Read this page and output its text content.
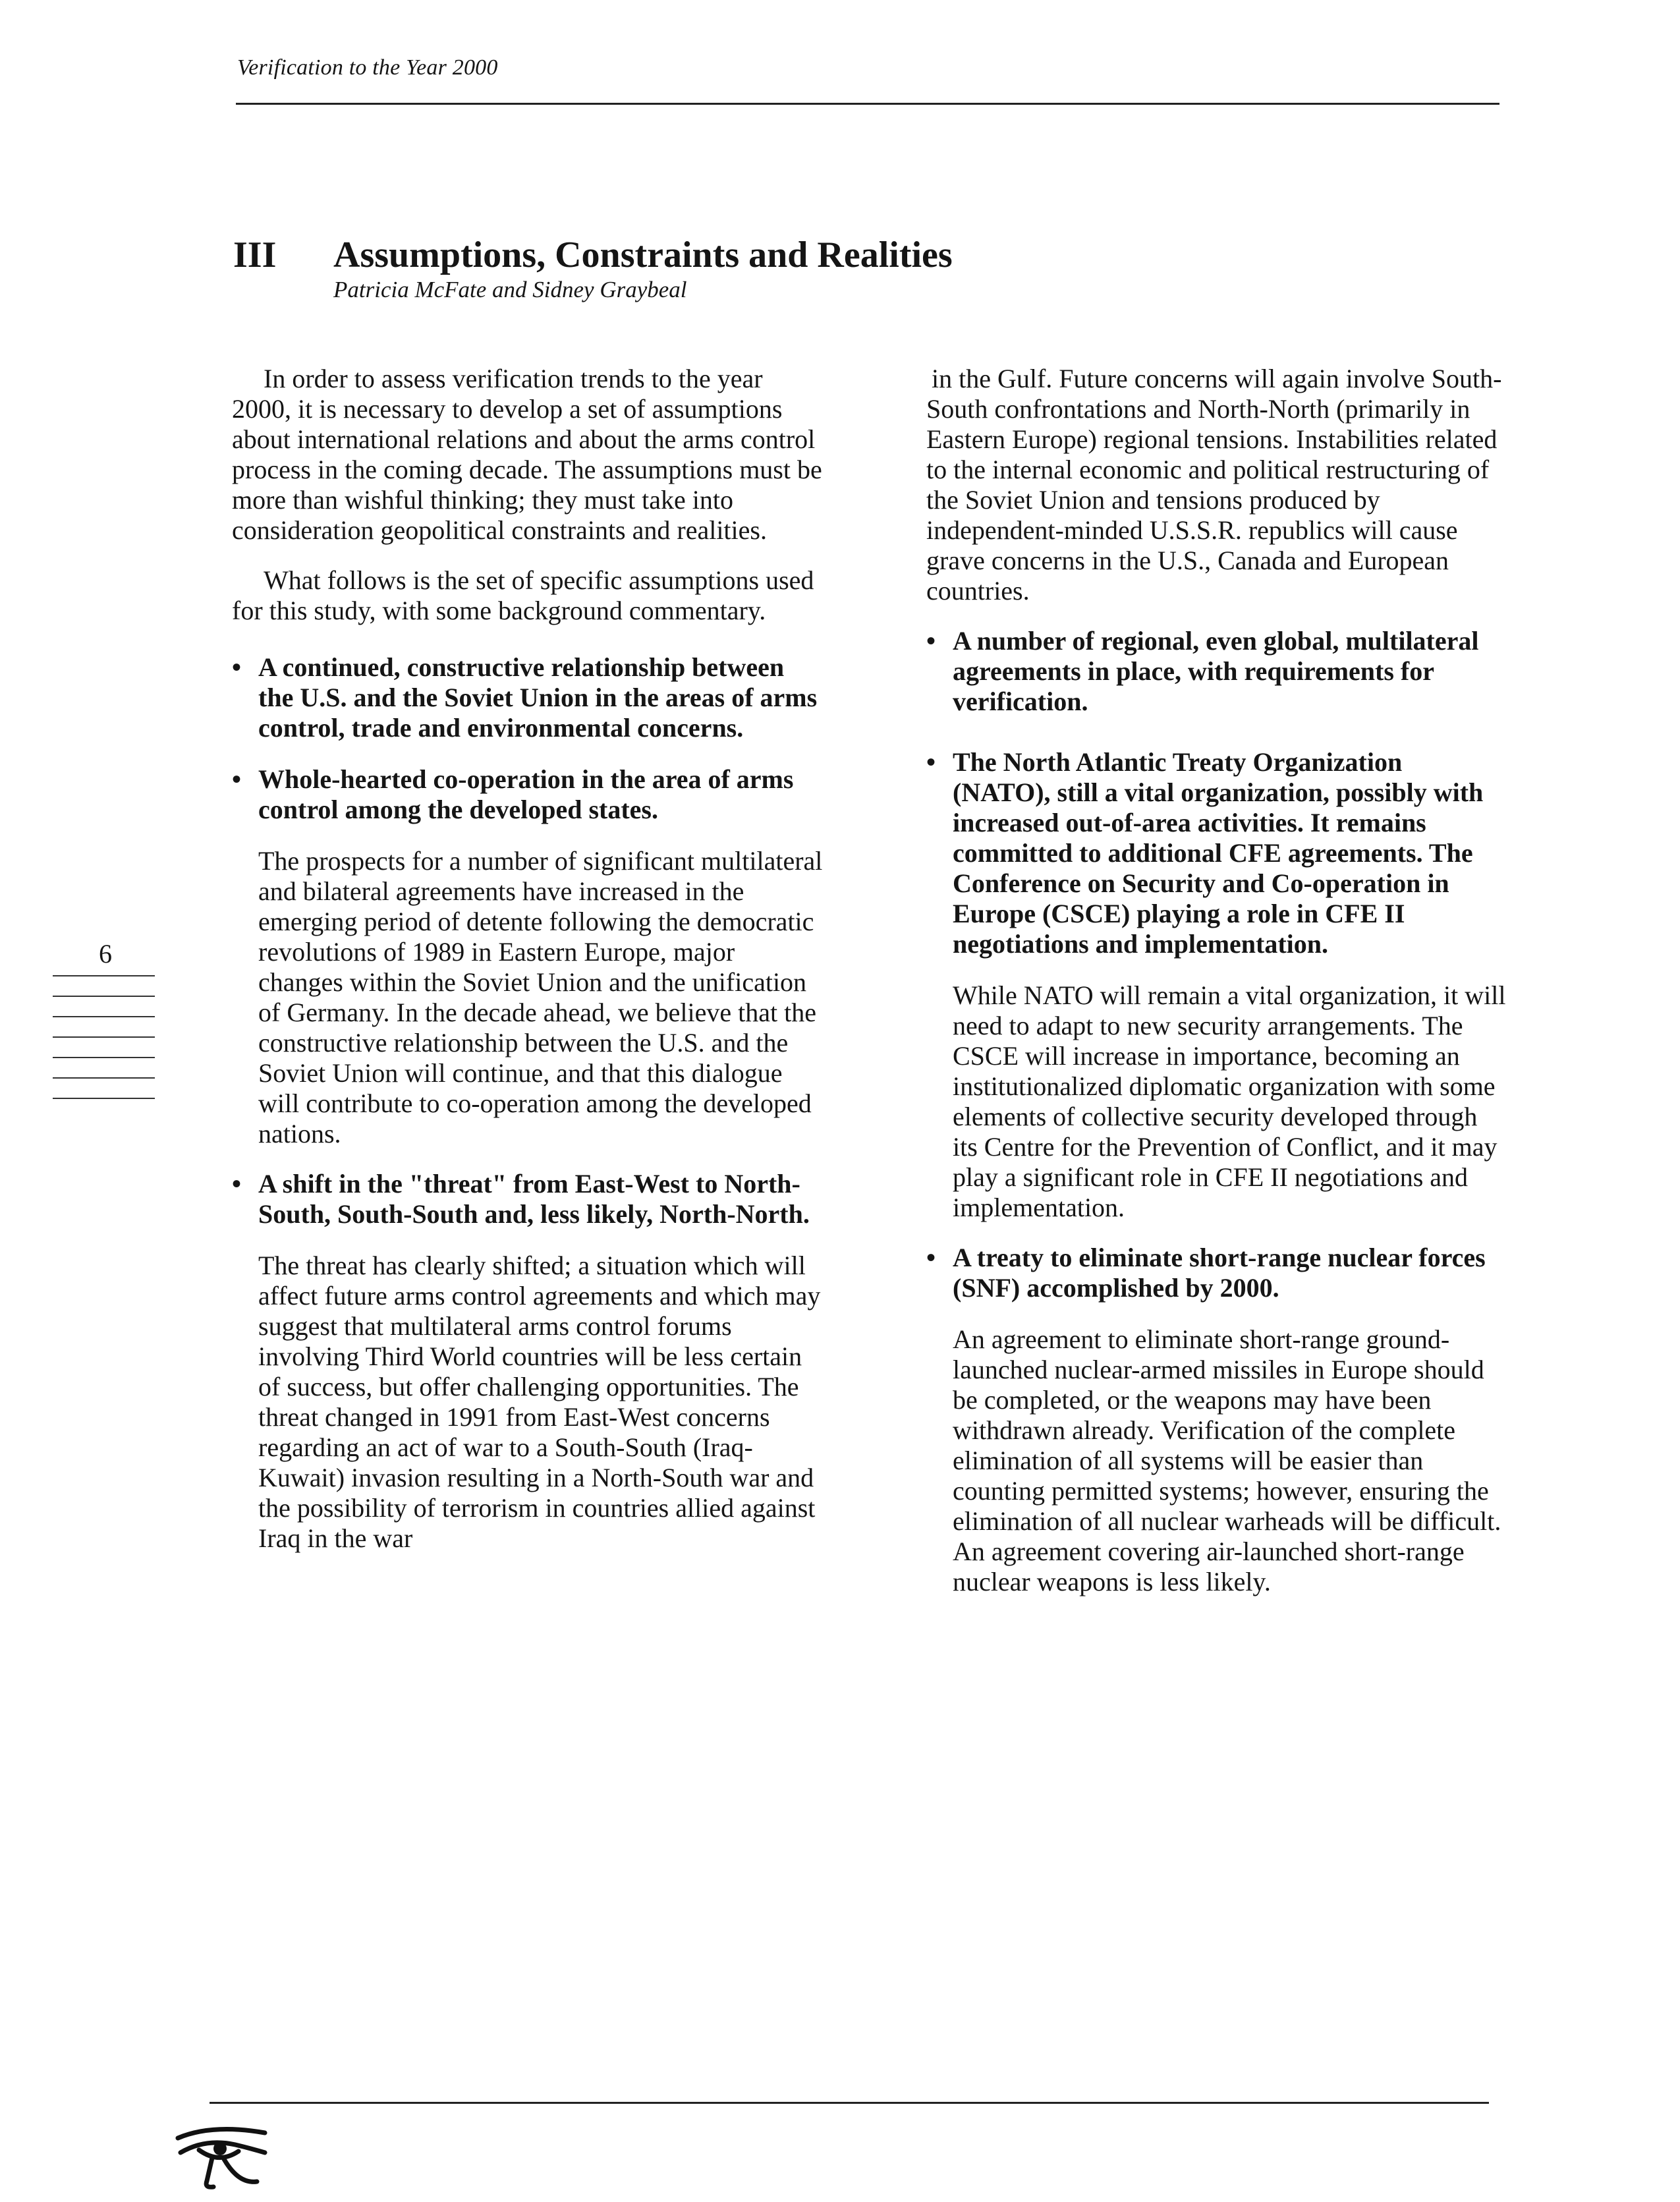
Verification to the Year 2000
III Assumptions, Constraints and Realities
Patricia McFate and Sidney Graybeal
6

In order to assess verification trends to the year 2000, it is necessary to develop a set of assumptions about international relations and about the arms control process in the coming decade. The assumptions must be more than wishful thinking; they must take into consideration geopolitical constraints and realities.

What follows is the set of specific assumptions used for this study, with some background commentary.

• A continued, constructive relationship between the U.S. and the Soviet Union in the areas of arms control, trade and environmental concerns.
• Whole-hearted co-operation in the area of arms control among the developed states.

The prospects for a number of significant multilateral and bilateral agreements have increased in the emerging period of detente following the democratic revolutions of 1989 in Eastern Europe, major changes within the Soviet Union and the unification of Germany. In the decade ahead, we believe that the constructive relationship between the U.S. and the Soviet Union will continue, and that this dialogue will contribute to co-operation among the developed nations.

• A shift in the "threat" from East-West to North-South, South-South and, less likely, North-North.

The threat has clearly shifted; a situation which will affect future arms control agreements and which may suggest that multilateral arms control forums involving Third World countries will be less certain of success, but offer challenging opportunities. The threat changed in 1991 from East-West concerns regarding an act of war to a South-South (Iraq-Kuwait) invasion resulting in a North-South war and the possibility of terrorism in countries allied against Iraq in the war

in the Gulf. Future concerns will again involve South-South confrontations and North-North (primarily in Eastern Europe) regional tensions. Instabilities related to the internal economic and political restructuring of the Soviet Union and tensions produced by independent-minded U.S.S.R. republics will cause grave concerns in the U.S., Canada and European countries.

• A number of regional, even global, multilateral agreements in place, with requirements for verification.
• The North Atlantic Treaty Organization (NATO), still a vital organization, possibly with increased out-of-area activities. It remains committed to additional CFE agreements. The Conference on Security and Co-operation in Europe (CSCE) playing a role in CFE II negotiations and implementation.

While NATO will remain a vital organization, it will need to adapt to new security arrangements. The CSCE will increase in importance, becoming an institutionalized diplomatic organization with some elements of collective security developed through its Centre for the Prevention of Conflict, and it may play a significant role in CFE II negotiations and implementation.

• A treaty to eliminate short-range nuclear forces (SNF) accomplished by 2000.

An agreement to eliminate short-range ground-launched nuclear-armed missiles in Europe should be completed, or the weapons may have been withdrawn already. Verification of the complete elimination of all systems will be easier than counting permitted systems; however, ensuring the elimination of all nuclear warheads will be difficult. An agreement covering air-launched short-range nuclear weapons is less likely.
